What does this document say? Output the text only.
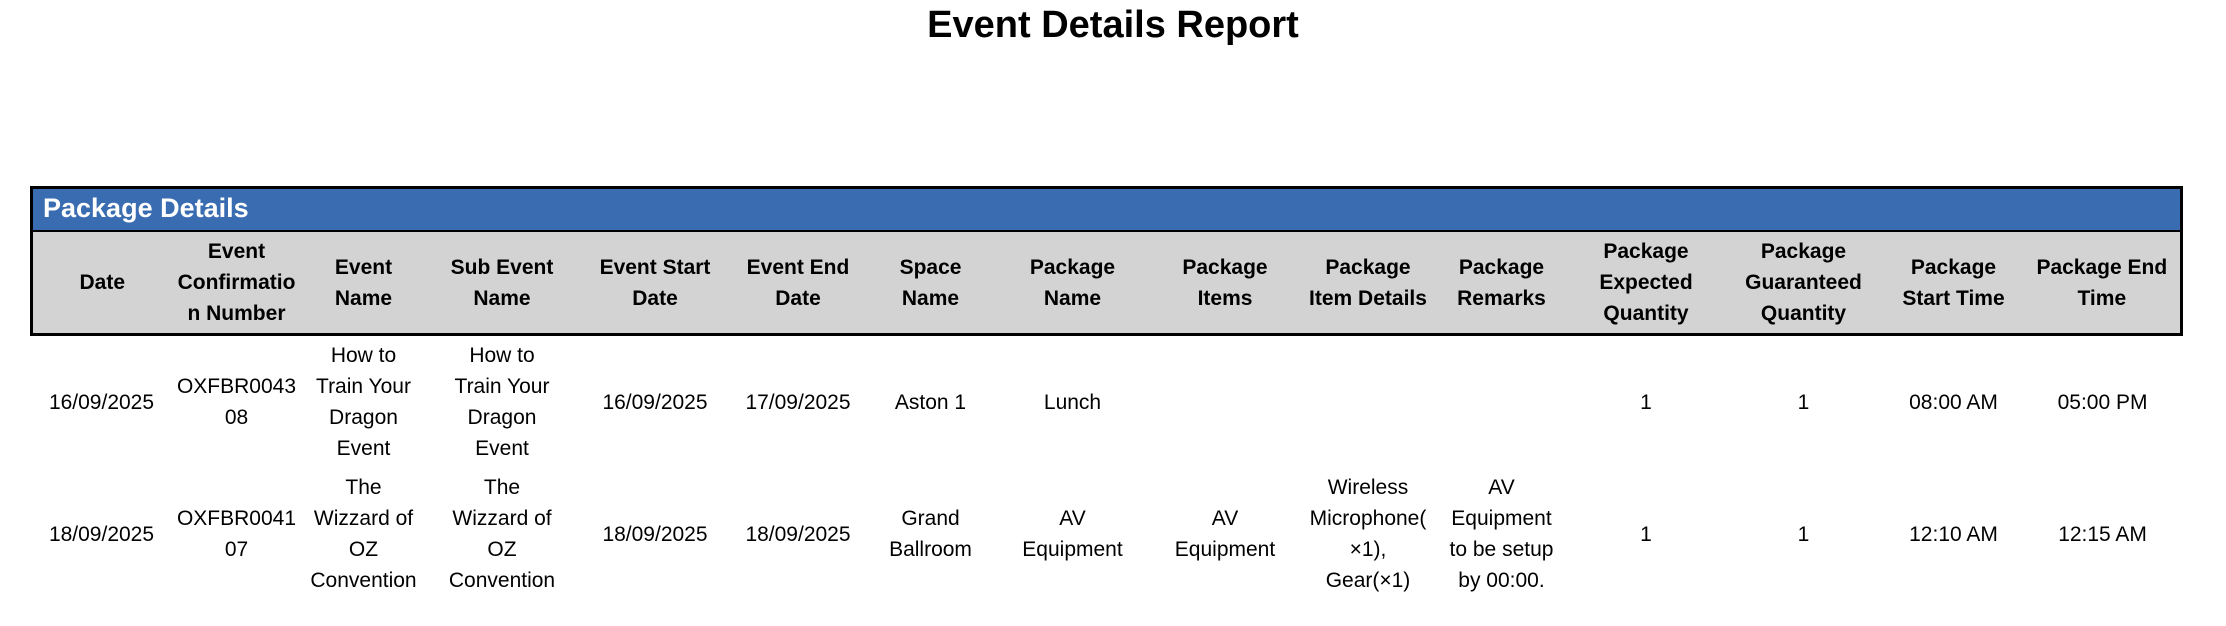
Event Details Report
Package Details														
Date	Event Confirmation Number	Event Name	Sub Event Name	Event Start Date	Event End Date	Space Name	Package Name	Package Items	Package Item Details	Package Remarks	Package Expected Quantity	Package Guaranteed Quantity	Package Start Time	Package End Time
16/09/2025	OXFBR004308	How to Train Your Dragon Event	How to Train Your Dragon Event	16/09/2025	17/09/2025	Aston 1	Lunch				1	1	08:00 AM	05:00 PM
18/09/2025	OXFBR004107	The Wizzard of OZ Convention	The Wizzard of OZ Convention	18/09/2025	18/09/2025	Grand Ballroom	AV Equipment	AV Equipment	Wireless Microphone(×1), Gear(×1)	AV Equipment to be setup by 00:00.	1	1	12:10 AM	12:15 AM
